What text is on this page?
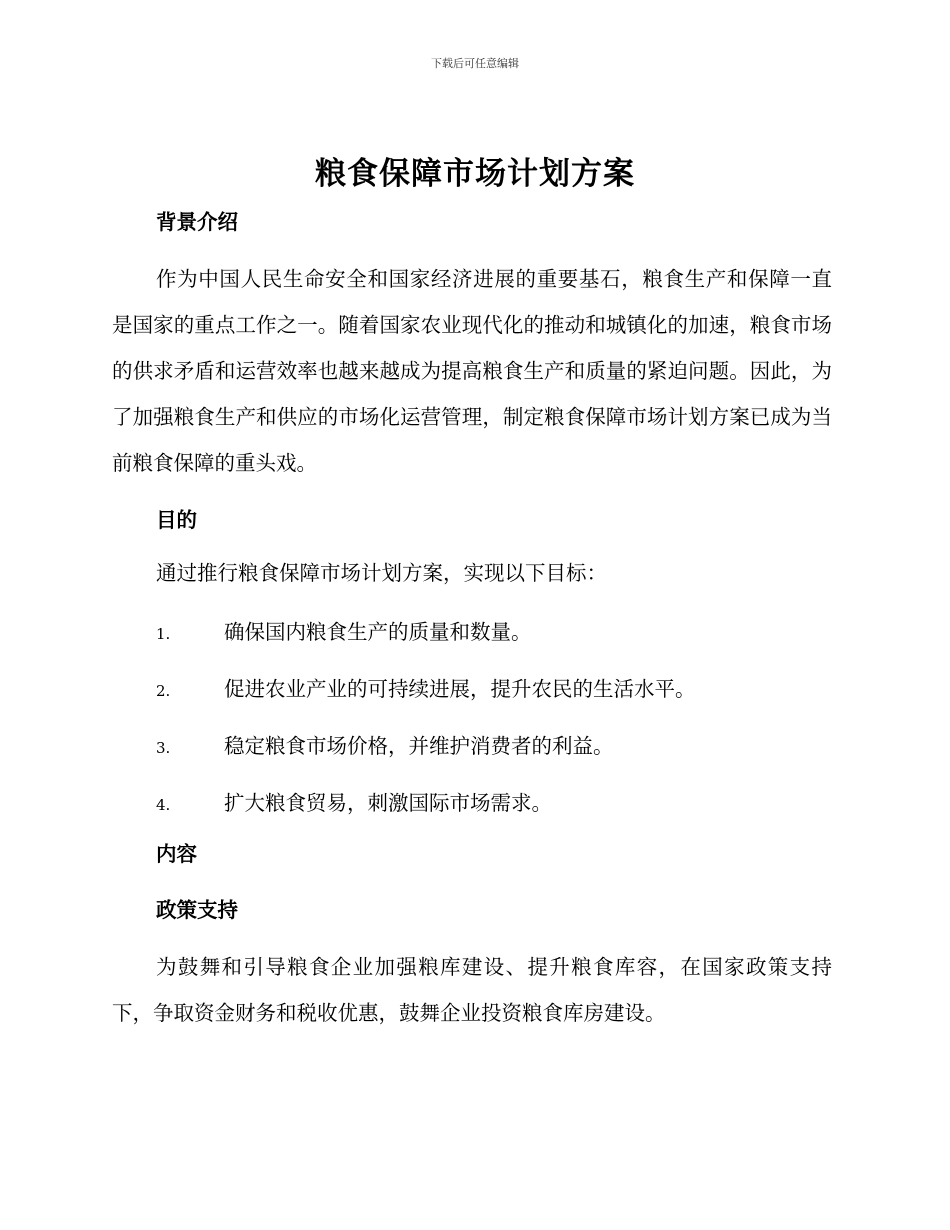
下载后可任意编辑
粮食保障市场计划方案
背景介绍

作为中国人民生命安全和国家经济进展的重要基石，粮食生产和保障一直是国家的重点工作之一。随着国家农业现代化的推动和城镇化的加速，粮食市场的供求矛盾和运营效率也越来越成为提高粮食生产和质量的紧迫问题。因此，为了加强粮食生产和供应的市场化运营管理，制定粮食保障市场计划方案已成为当前粮食保障的重头戏。

目的

通过推行粮食保障市场计划方案，实现以下目标：

1.	确保国内粮食生产的质量和数量。
2.	促进农业产业的可持续进展，提升农民的生活水平。
3.	稳定粮食市场价格，并维护消费者的利益。
4.	扩大粮食贸易，刺激国际市场需求。
内容
政策支持

为鼓舞和引导粮食企业加强粮库建设、提升粮食库容，在国家政策支持下，争取资金财务和税收优惠，鼓舞企业投资粮食库房建设。
